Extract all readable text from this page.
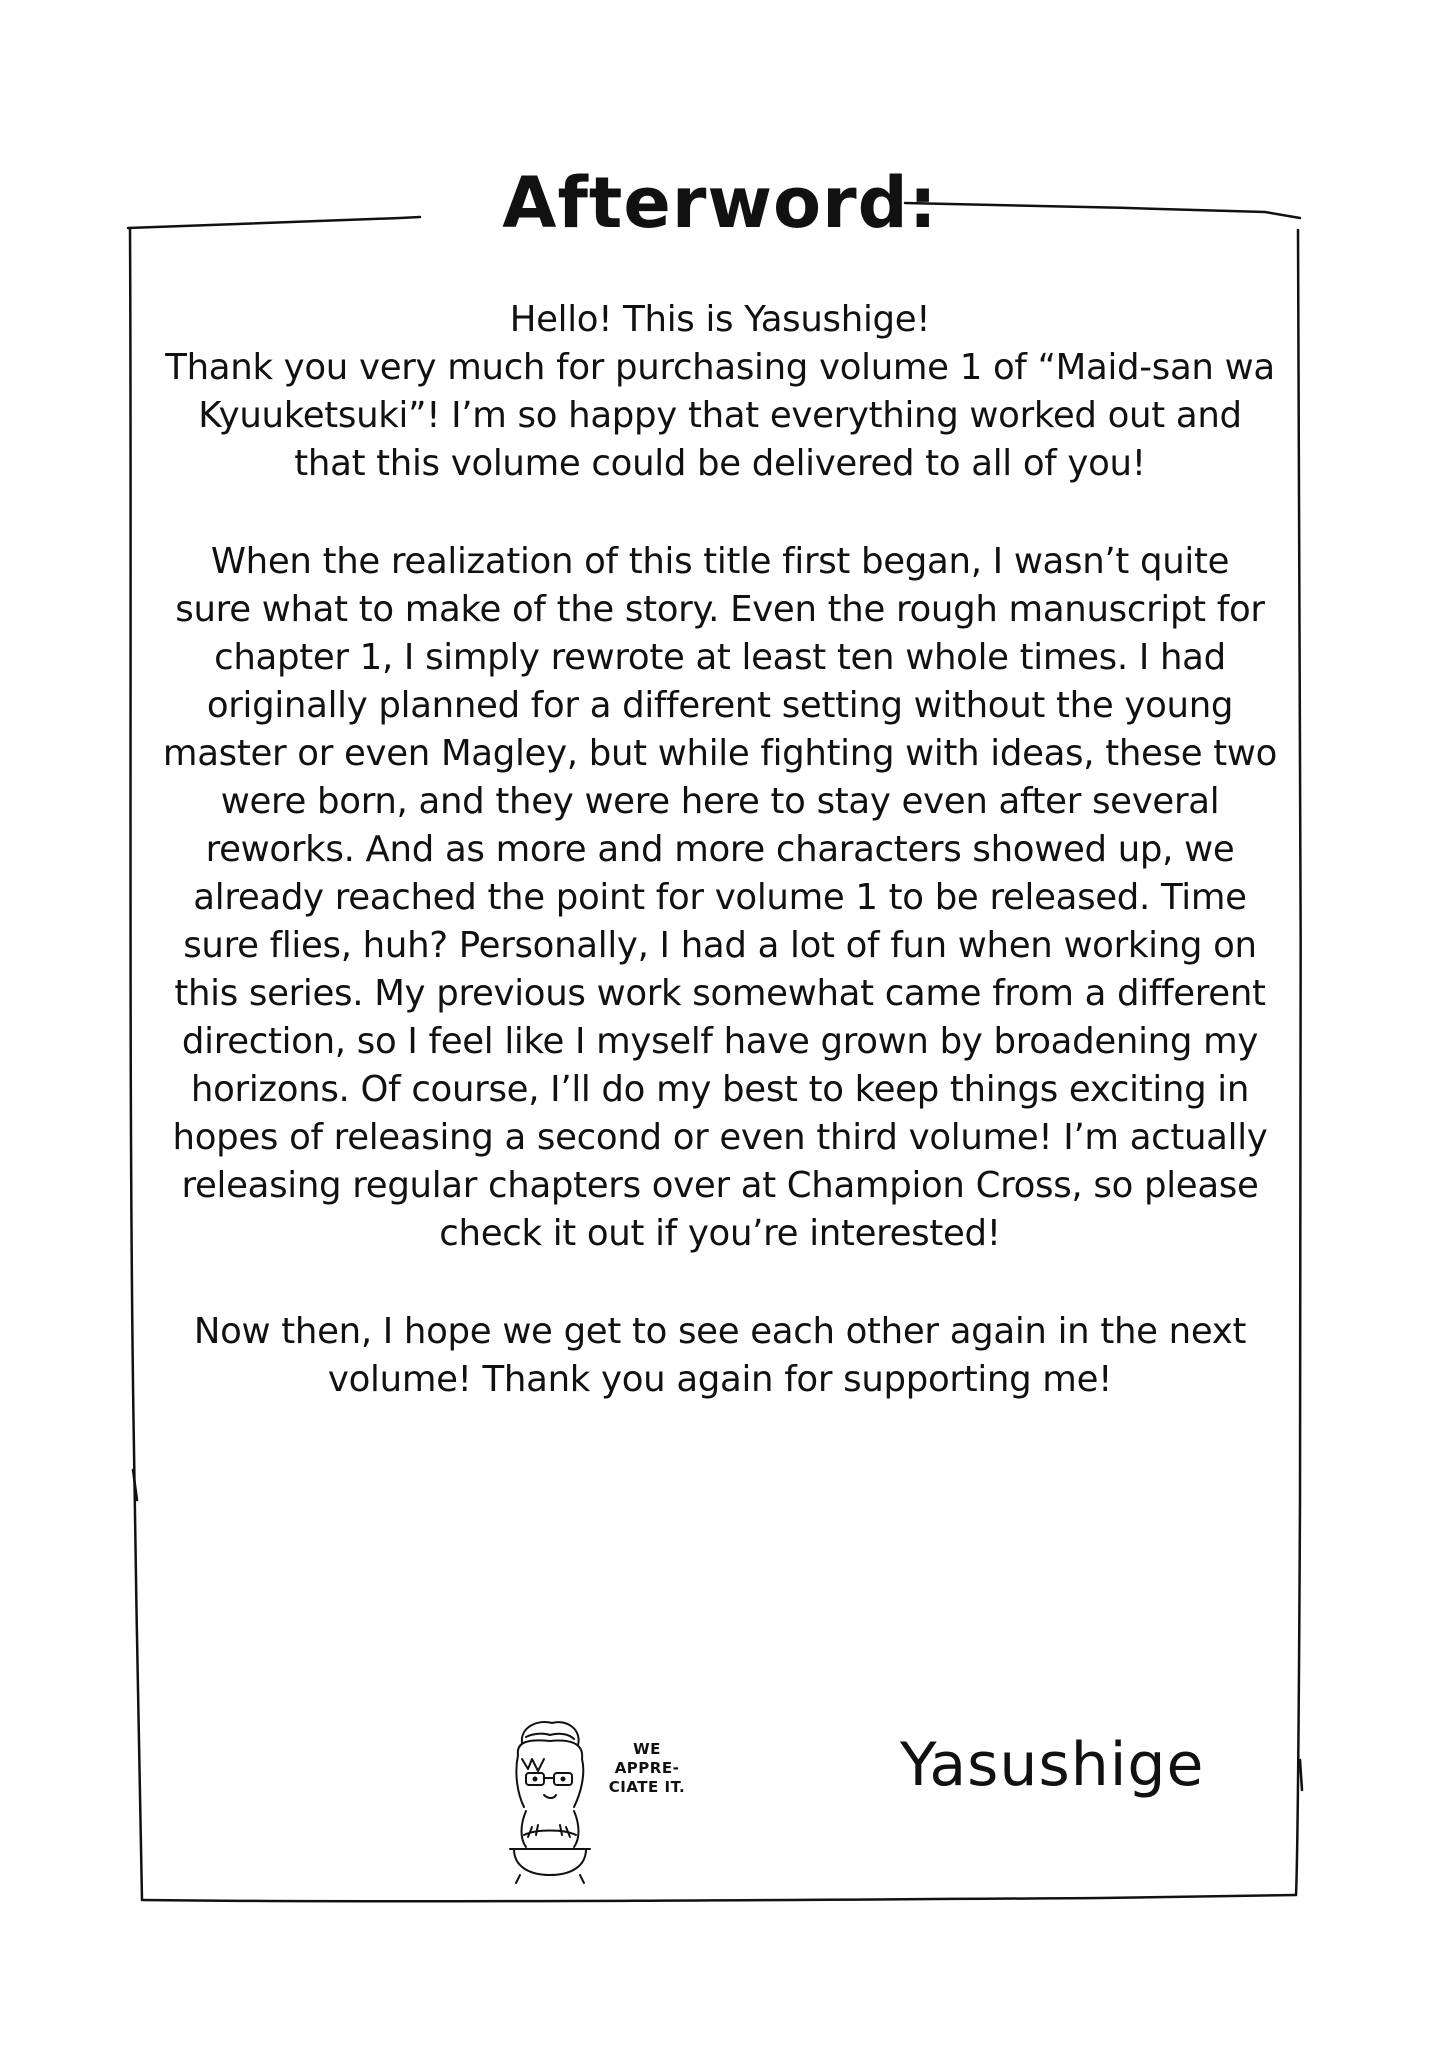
Afterword:

Hello! This is Yasushige!

Thank you very much for purchasing volume 1 of “Maid-san wa

Kyuuketsuki”! I’m so happy that everything worked out and

that this volume could be delivered to all of you!

When the realization of this title first began, I wasn’t quite

sure what to make of the story. Even the rough manuscript for

chapter 1, I simply rewrote at least ten whole times. I had

originally planned for a different setting without the young

master or even Magley, but while fighting with ideas, these two

were born, and they were here to stay even after several

reworks. And as more and more characters showed up, we

already reached the point for volume 1 to be released. Time

sure flies, huh? Personally, I had a lot of fun when working on

this series. My previous work somewhat came from a different

direction, so I feel like I myself have grown by broadening my

horizons. Of course, I’ll do my best to keep things exciting in

hopes of releasing a second or even third volume! I’m actually

releasing regular chapters over at Champion Cross, so please

check it out if you’re interested!

Now then, I hope we get to see each other again in the next

volume! Thank you again for supporting me!

WE
APPRE-
CIATE IT.	Yasushige
